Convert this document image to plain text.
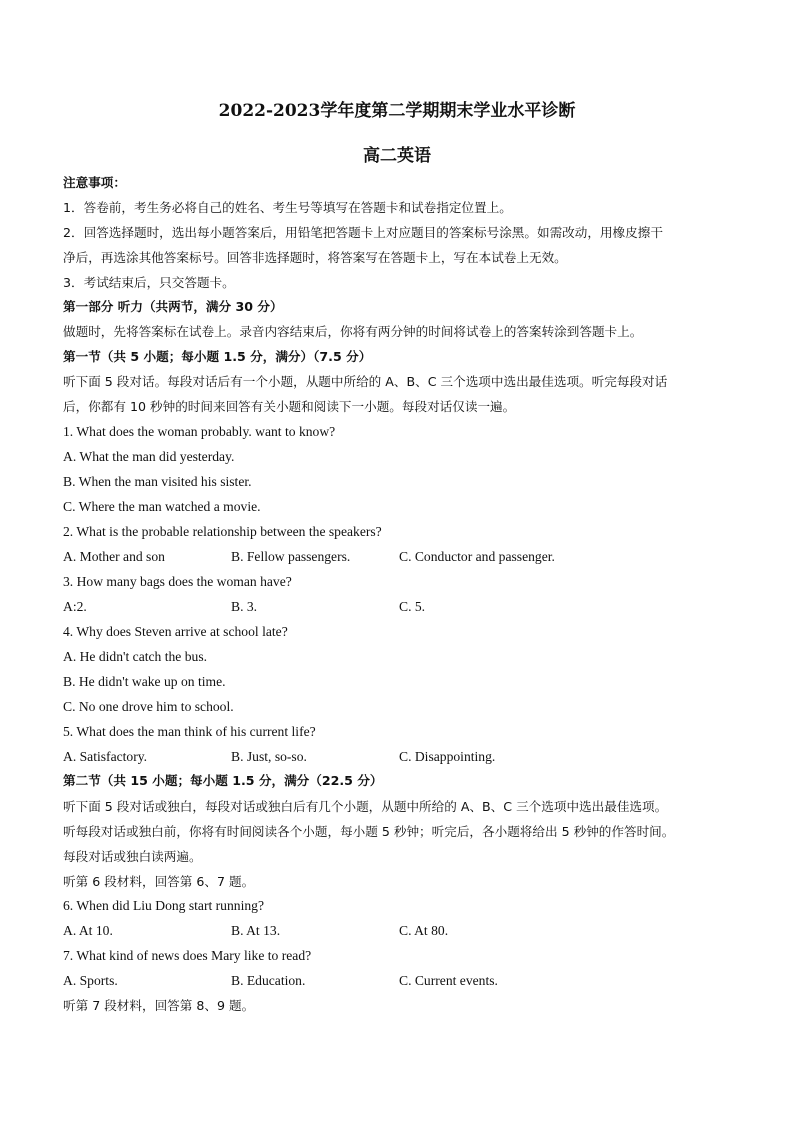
2022-2023学年度第二学期期末学业水平诊断
高二英语
注意事项：
1．答卷前，考生务必将自己的姓名、考生号等填写在答题卡和试卷指定位置上。
2．回答选择题时，选出每小题答案后，用铅笔把答题卡上对应题目的答案标号涂黑。如需改动，用橡皮擦干
净后，再选涂其他答案标号。回答非选择题时，将答案写在答题卡上，写在本试卷上无效。
3．考试结束后，只交答题卡。
第一部分 听力（共两节，满分 30 分）
做题时，先将答案标在试卷上。录音内容结束后，你将有两分钟的时间将试卷上的答案转涂到答题卡上。
第一节（共 5 小题；每小题 1.5 分，满分）（7.5 分）
听下面 5 段对话。每段对话后有一个小题，从题中所给的 A、B、C 三个选项中选出最佳选项。听完每段对话
后，你都有 10 秒钟的时间来回答有关小题和阅读下一小题。每段对话仅读一遍。
1. What does the woman probably. want to know?
A. What the man did yesterday.
B. When the man visited his sister.
C. Where the man watched a movie.
2. What is the probable relationship between the speakers?
A. Mother and son	B. Fellow passengers.	C. Conductor and passenger.
3. How many bags does the woman have?
A:2.	B. 3.	C. 5.
4. Why does Steven arrive at school late?
A. He didn't catch the bus.
B. He didn't wake up on time.
C. No one drove him to school.
5. What does the man think of his current life?
A. Satisfactory.	B. Just, so-so.	C. Disappointing.
第二节（共 15 小题；每小题 1.5 分，满分（22.5 分）
听下面 5 段对话或独白，每段对话或独白后有几个小题，从题中所给的 A、B、C 三个选项中选出最佳选项。
听每段对话或独白前，你将有时间阅读各个小题，每小题 5 秒钟；听完后，各小题将给出 5 秒钟的作答时间。
每段对话或独白读两遍。
听第 6 段材料，回答第 6、7 题。
6. When did Liu Dong start running?
A. At 10.	B. At 13.	C. At 80.
7. What kind of news does Mary like to read?
A. Sports.	B. Education.	C. Current events.
听第 7 段材料，回答第 8、9 题。
